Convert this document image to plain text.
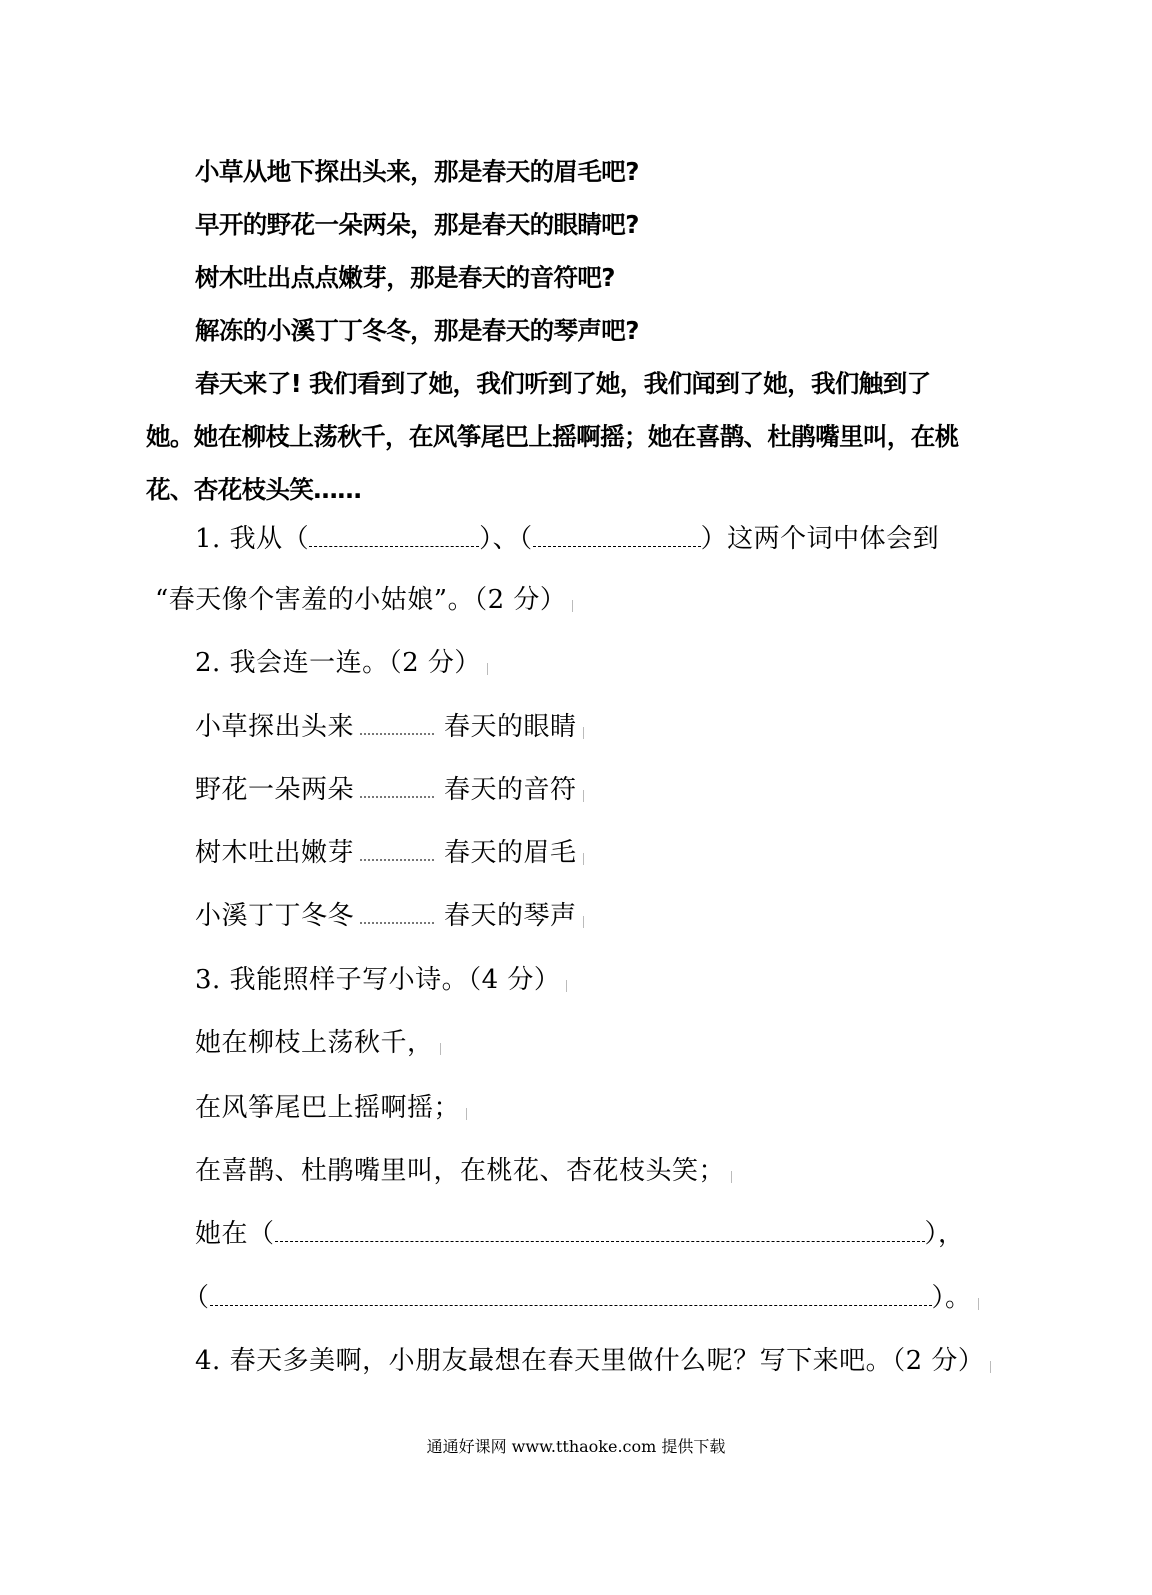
小草从地下探出头来，那是春天的眉毛吧?
早开的野花一朵两朵，那是春天的眼睛吧?
树木吐出点点嫩芽，那是春天的音符吧?
解冻的小溪丁丁冬冬，那是春天的琴声吧?
春天来了! 我们看到了她，我们听到了她，我们闻到了她，我们触到了
她。她在柳枝上荡秋千，在风筝尾巴上摇啊摇；她在喜鹊、杜鹃嘴里叫，在桃
花、杏花枝头笑……
1. 我从（	）、（	）这两个词中体会到
“春天像个害羞的小姑娘”。（2 分）
2. 我会连一连。（2 分）
小草探出头来	春天的眼睛
野花一朵两朵	春天的音符
树木吐出嫩芽	春天的眉毛
小溪丁丁冬冬	春天的琴声
3. 我能照样子写小诗。（4 分）
她在柳枝上荡秋千，
在风筝尾巴上摇啊摇；
在喜鹊、杜鹃嘴里叫，在桃花、杏花枝头笑；
她在（	），
（	）。
4. 春天多美啊，小朋友最想在春天里做什么呢？写下来吧。（2 分）
通通好课网 www.tthaoke.com 提供下载
